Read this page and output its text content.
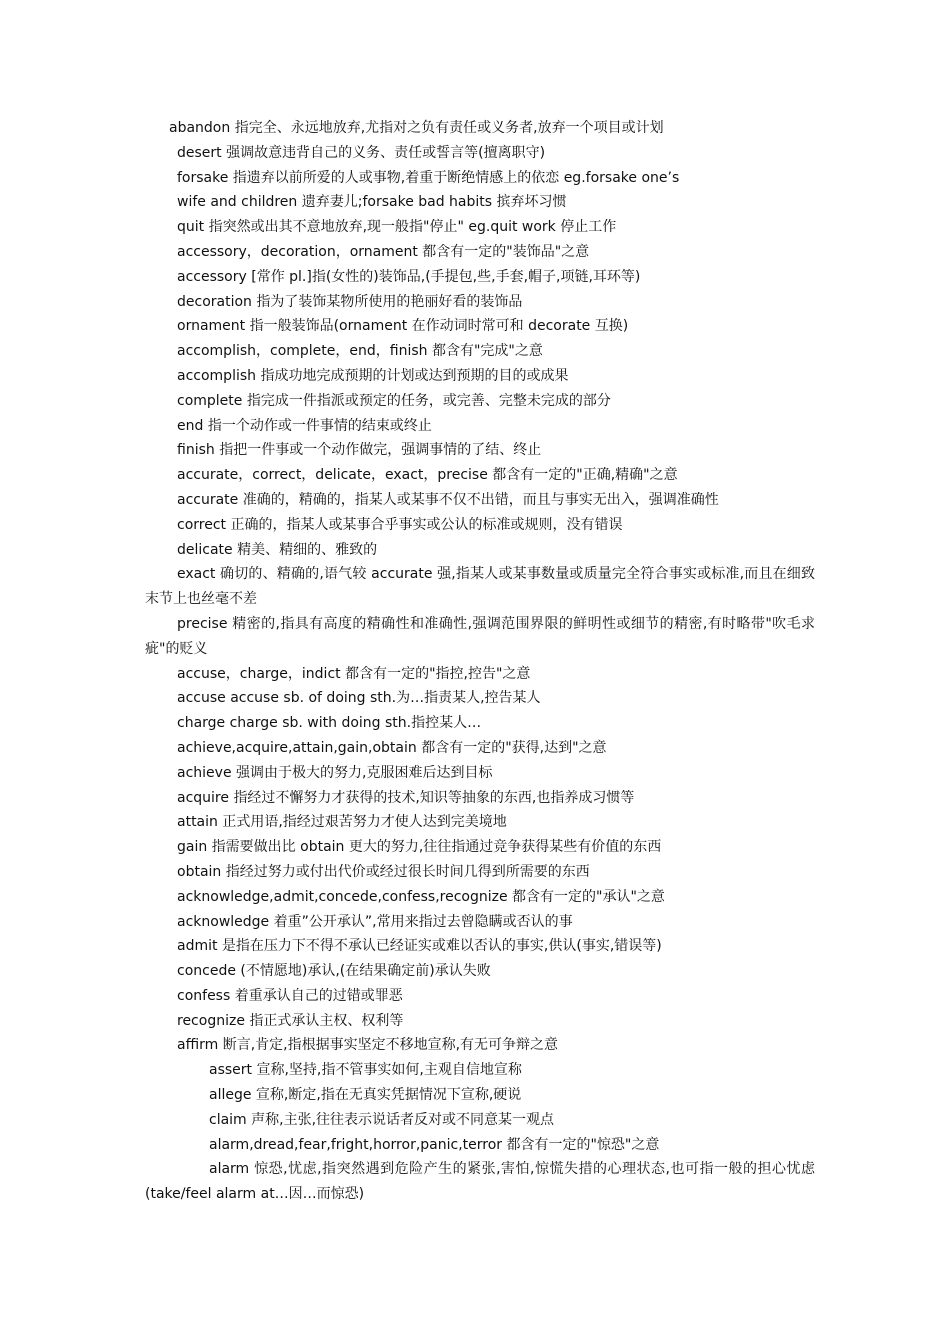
abandon 指完全、永远地放弃,尤指对之负有责任或义务者,放弃一个项目或计划
desert 强调故意违背自己的义务、责任或誓言等(擅离职守)
forsake 指遗弃以前所爱的人或事物,着重于断绝情感上的依恋 eg.forsake one’s
wife and children 遗弃妻儿;forsake bad habits 摈弃坏习惯
quit 指突然或出其不意地放弃,现一般指"停止" eg.quit work 停止工作
accessory，decoration，ornament 都含有一定的"装饰品"之意
accessory [常作 pl.]指(女性的)装饰品,(手提包,些,手套,帽子,项链,耳环等)
decoration 指为了装饰某物所使用的艳丽好看的装饰品
ornament 指一般装饰品(ornament 在作动词时常可和 decorate 互换)
accomplish，complete，end，finish 都含有"完成"之意
accomplish 指成功地完成预期的计划或达到预期的目的或成果
complete 指完成一件指派或预定的任务，或完善、完整未完成的部分
end 指一个动作或一件事情的结束或终止
finish 指把一件事或一个动作做完，强调事情的了结、终止
accurate，correct，delicate，exact，precise 都含有一定的"正确,精确"之意
accurate 准确的，精确的，指某人或某事不仅不出错，而且与事实无出入，强调准确性
correct 正确的，指某人或某事合乎事实或公认的标准或规则，没有错误
delicate 精美、精细的、雅致的
exact 确切的、精确的,语气较 accurate 强,指某人或某事数量或质量完全符合事实或标准,而且在细致末节上也丝毫不差
precise 精密的,指具有高度的精确性和准确性,强调范围界限的鲜明性或细节的精密,有时略带"吹毛求疵"的贬义
accuse，charge，indict 都含有一定的"指控,控告"之意
accuse accuse sb. of doing sth.为…指责某人,控告某人
charge charge sb. with doing sth.指控某人…
achieve,acquire,attain,gain,obtain 都含有一定的"获得,达到"之意
achieve 强调由于极大的努力,克服困难后达到目标
acquire 指经过不懈努力才获得的技术,知识等抽象的东西,也指养成习惯等
attain 正式用语,指经过艰苦努力才使人达到完美境地
gain 指需要做出比 obtain 更大的努力,往往指通过竞争获得某些有价值的东西
obtain 指经过努力或付出代价或经过很长时间几得到所需要的东西
acknowledge,admit,concede,confess,recognize 都含有一定的"承认"之意
acknowledge 着重”公开承认”,常用来指过去曾隐瞒或否认的事
admit 是指在压力下不得不承认已经证实或难以否认的事实,供认(事实,错误等)
concede (不情愿地)承认,(在结果确定前)承认失败
confess 着重承认自己的过错或罪恶
recognize 指正式承认主权、权利等
affirm 断言,肯定,指根据事实坚定不移地宣称,有无可争辩之意
assert 宣称,坚持,指不管事实如何,主观自信地宣称
allege 宣称,断定,指在无真实凭据情况下宣称,硬说
claim 声称,主张,往往表示说话者反对或不同意某一观点
alarm,dread,fear,fright,horror,panic,terror 都含有一定的"惊恐"之意
alarm 惊恐,忧虑,指突然遇到危险产生的紧张,害怕,惊慌失措的心理状态,也可指一般的担心忧虑 (take/feel alarm at…因…而惊恐)
